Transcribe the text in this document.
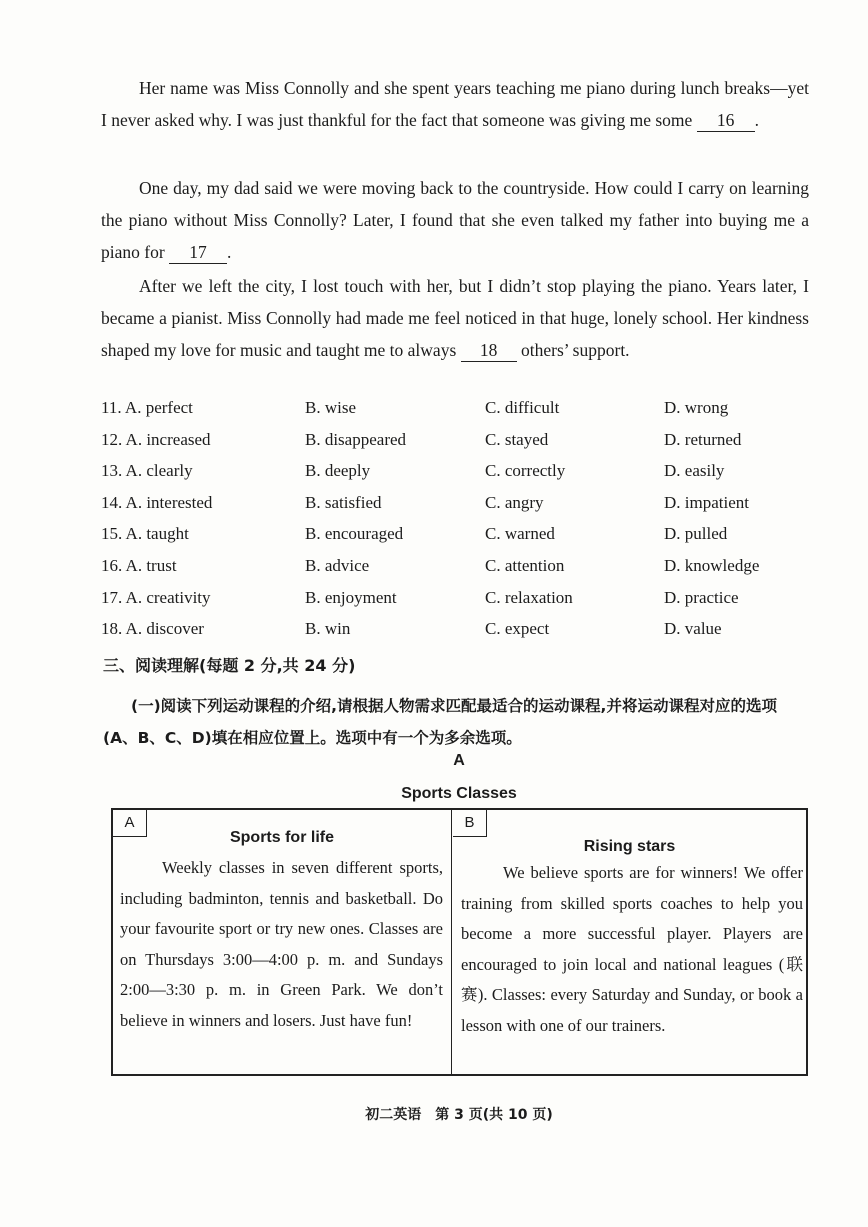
Her name was Miss Connolly and she spent years teaching me piano during lunch breaks—yet I never asked why. I was just thankful for the fact that someone was giving me some 16 .
One day, my dad said we were moving back to the countryside. How could I carry on learning the piano without Miss Connolly? Later, I found that she even talked my father into buying me a piano for 17 .
After we left the city, I lost touch with her, but I didn’t stop playing the piano. Years later, I became a pianist. Miss Connolly had made me feel noticed in that huge, lonely school. Her kindness shaped my love for music and taught me to always 18 others’ support.
11. A. perfect	B. wise	C. difficult	D. wrong
12. A. increased	B. disappeared	C. stayed	D. returned
13. A. clearly	B. deeply	C. correctly	D. easily
14. A. interested	B. satisfied	C. angry	D. impatient
15. A. taught	B. encouraged	C. warned	D. pulled
16. A. trust	B. advice	C. attention	D. knowledge
17. A. creativity	B. enjoyment	C. relaxation	D. practice
18. A. discover	B. win	C. expect	D. value
三、阅读理解(每题 2 分,共 24 分)
(一)阅读下列运动课程的介绍,请根据人物需求匹配最适合的运动课程,并将运动课程对应的选项(A、B、C、D)填在相应位置上。选项中有一个为多余选项。
A
Sports Classes
A
Sports for life
Weekly classes in seven different sports, including badminton, tennis and basketball. Do your favourite sport or try new ones. Classes are on Thursdays 3:00—4:00 p. m. and Sundays 2:00—3:30 p. m. in Green Park. We don’t believe in winners and losers. Just have fun!
B
Rising stars
We believe sports are for winners! We offer training from skilled sports coaches to help you become a more successful player. Players are encouraged to join local and national leagues (联赛). Classes: every Saturday and Sunday, or book a lesson with one of our trainers.
初二英语　第 3 页(共 10 页)
